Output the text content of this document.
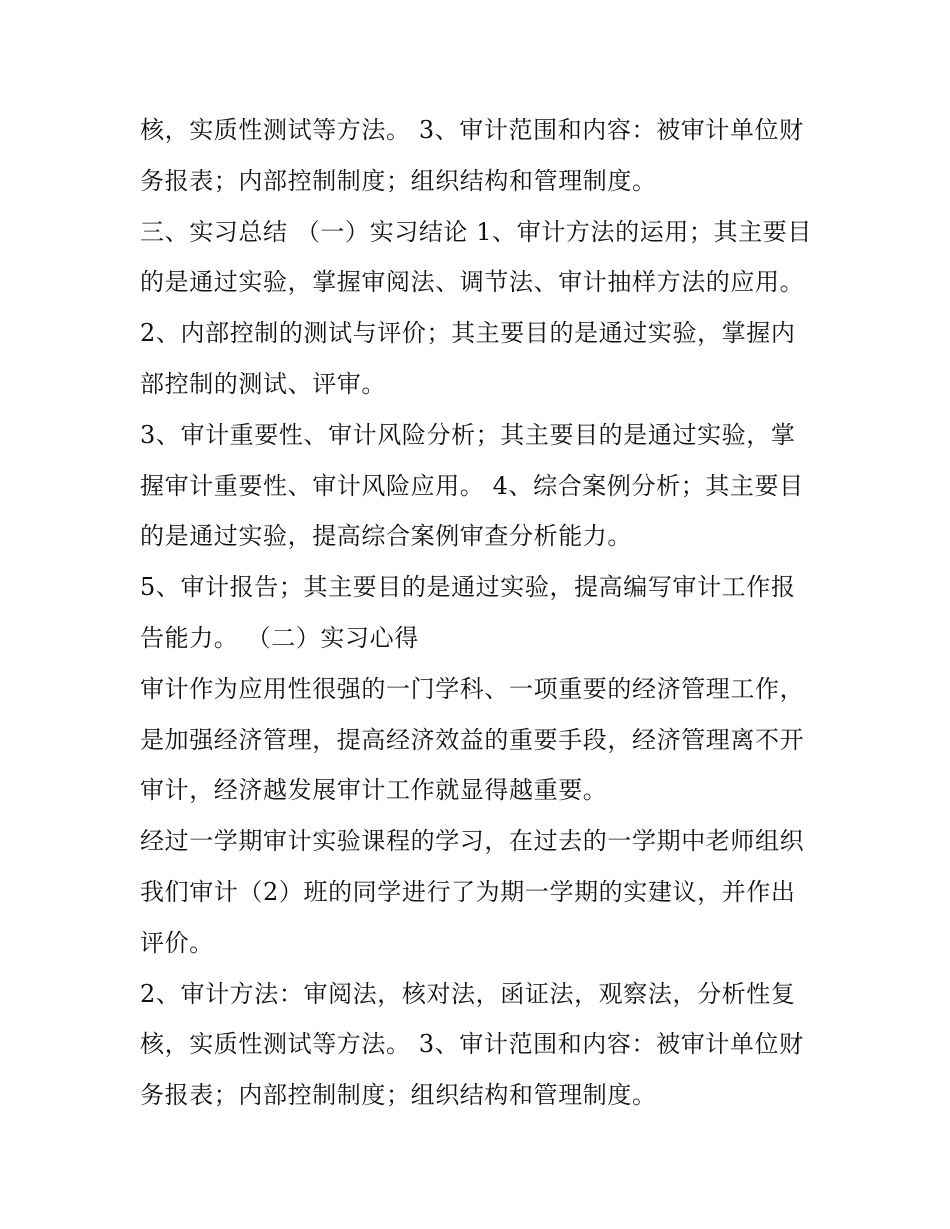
核，实质性测试等方法。 3、审计范围和内容：被审计单位财
务报表；内部控制制度；组织结构和管理制度。
三、实习总结 （一）实习结论 1、审计方法的运用；其主要目
的是通过实验，掌握审阅法、调节法、审计抽样方法的应用。
2、内部控制的测试与评价；其主要目的是通过实验，掌握内
部控制的测试、评审。
3、审计重要性、审计风险分析；其主要目的是通过实验，掌
握审计重要性、审计风险应用。 4、综合案例分析；其主要目
的是通过实验，提高综合案例审查分析能力。
5、审计报告；其主要目的是通过实验，提高编写审计工作报
告能力。 （二）实习心得
审计作为应用性很强的一门学科、一项重要的经济管理工作，
是加强经济管理，提高经济效益的重要手段，经济管理离不开
审计，经济越发展审计工作就显得越重要。
经过一学期审计实验课程的学习，在过去的一学期中老师组织
我们审计（2）班的同学进行了为期一学期的实建议，并作出
评价。
2、审计方法：审阅法，核对法，函证法，观察法，分析性复
核，实质性测试等方法。 3、审计范围和内容：被审计单位财
务报表；内部控制制度；组织结构和管理制度。
